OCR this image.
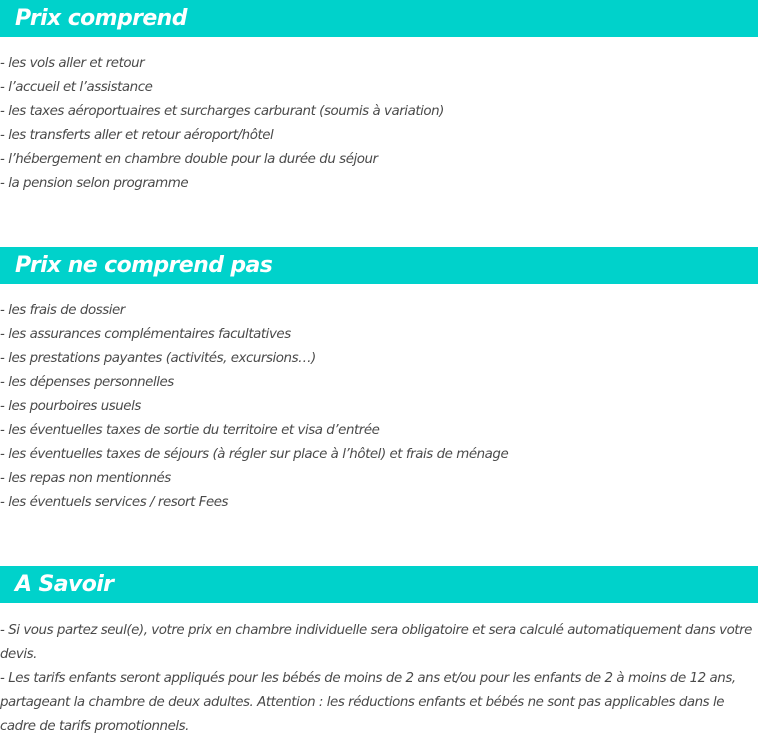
Prix comprend
- les vols aller et retour
- l’accueil et l’assistance
- les taxes aéroportuaires et surcharges carburant (soumis à variation)
- les transferts aller et retour aéroport/hôtel
- l’hébergement en chambre double pour la durée du séjour
- la pension selon programme
Prix ne comprend pas
- les frais de dossier
- les assurances complémentaires facultatives
- les prestations payantes (activités, excursions…)
- les dépenses personnelles
- les pourboires usuels
- les éventuelles taxes de sortie du territoire et visa d’entrée
- les éventuelles taxes de séjours (à régler sur place à l’hôtel) et frais de ménage
- les repas non mentionnés
- les éventuels services / resort Fees
A Savoir

- Si vous partez seul(e), votre prix en chambre individuelle sera obligatoire et sera calculé automatiquement dans votre devis.

- Les tarifs enfants seront appliqués pour les bébés de moins de 2 ans et/ou pour les enfants de 2 à moins de 12 ans, partageant la chambre de deux adultes. Attention : les réductions enfants et bébés ne sont pas applicables dans le cadre de tarifs promotionnels.
